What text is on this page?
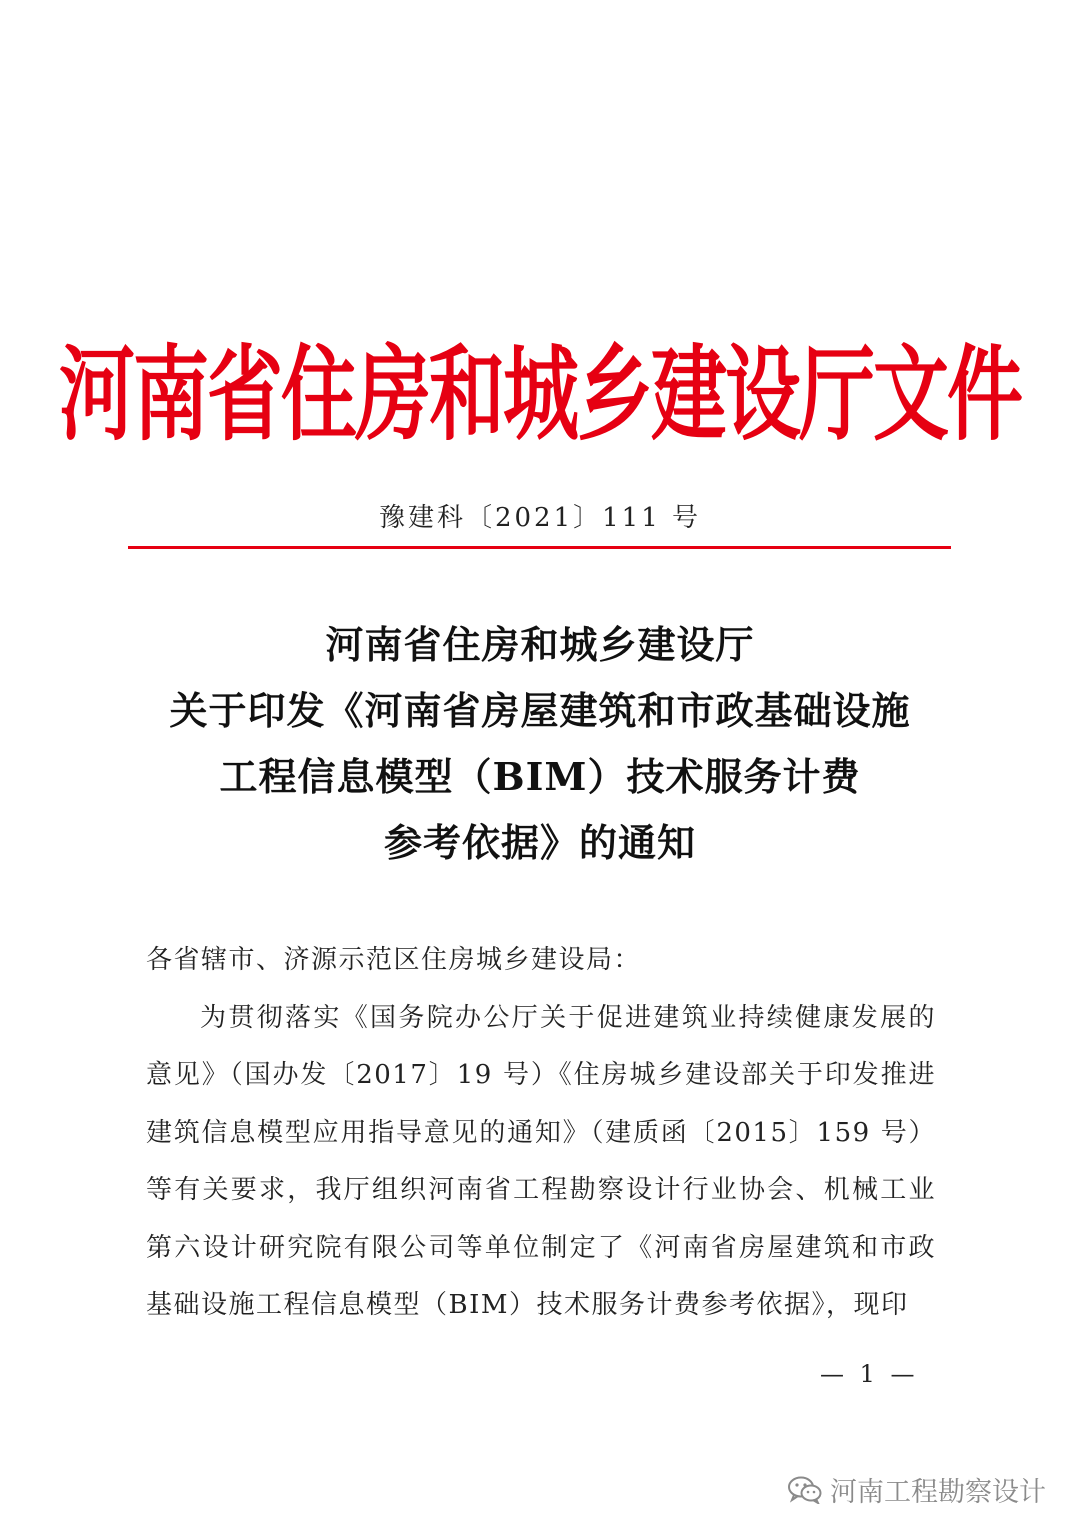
河南省住房和城乡建设厅文件
豫建科〔2021〕111 号
河南省住房和城乡建设厅
关于印发《河南省房屋建筑和市政基础设施
工程信息模型（BIM）技术服务计费
参考依据》的通知

各省辖市、济源示范区住房城乡建设局：

为贯彻落实《国务院办公厅关于促进建筑业持续健康发展的意见》（国办发〔2017〕19 号）《住房城乡建设部关于印发推进建筑信息模型应用指导意见的通知》（建质函〔2015〕159 号）等有关要求，我厅组织河南省工程勘察设计行业协会、机械工业第六设计研究院有限公司等单位制定了《河南省房屋建筑和市政基础设施工程信息模型（BIM）技术服务计费参考依据》，现印

— 1 —
河南工程勘察设计
